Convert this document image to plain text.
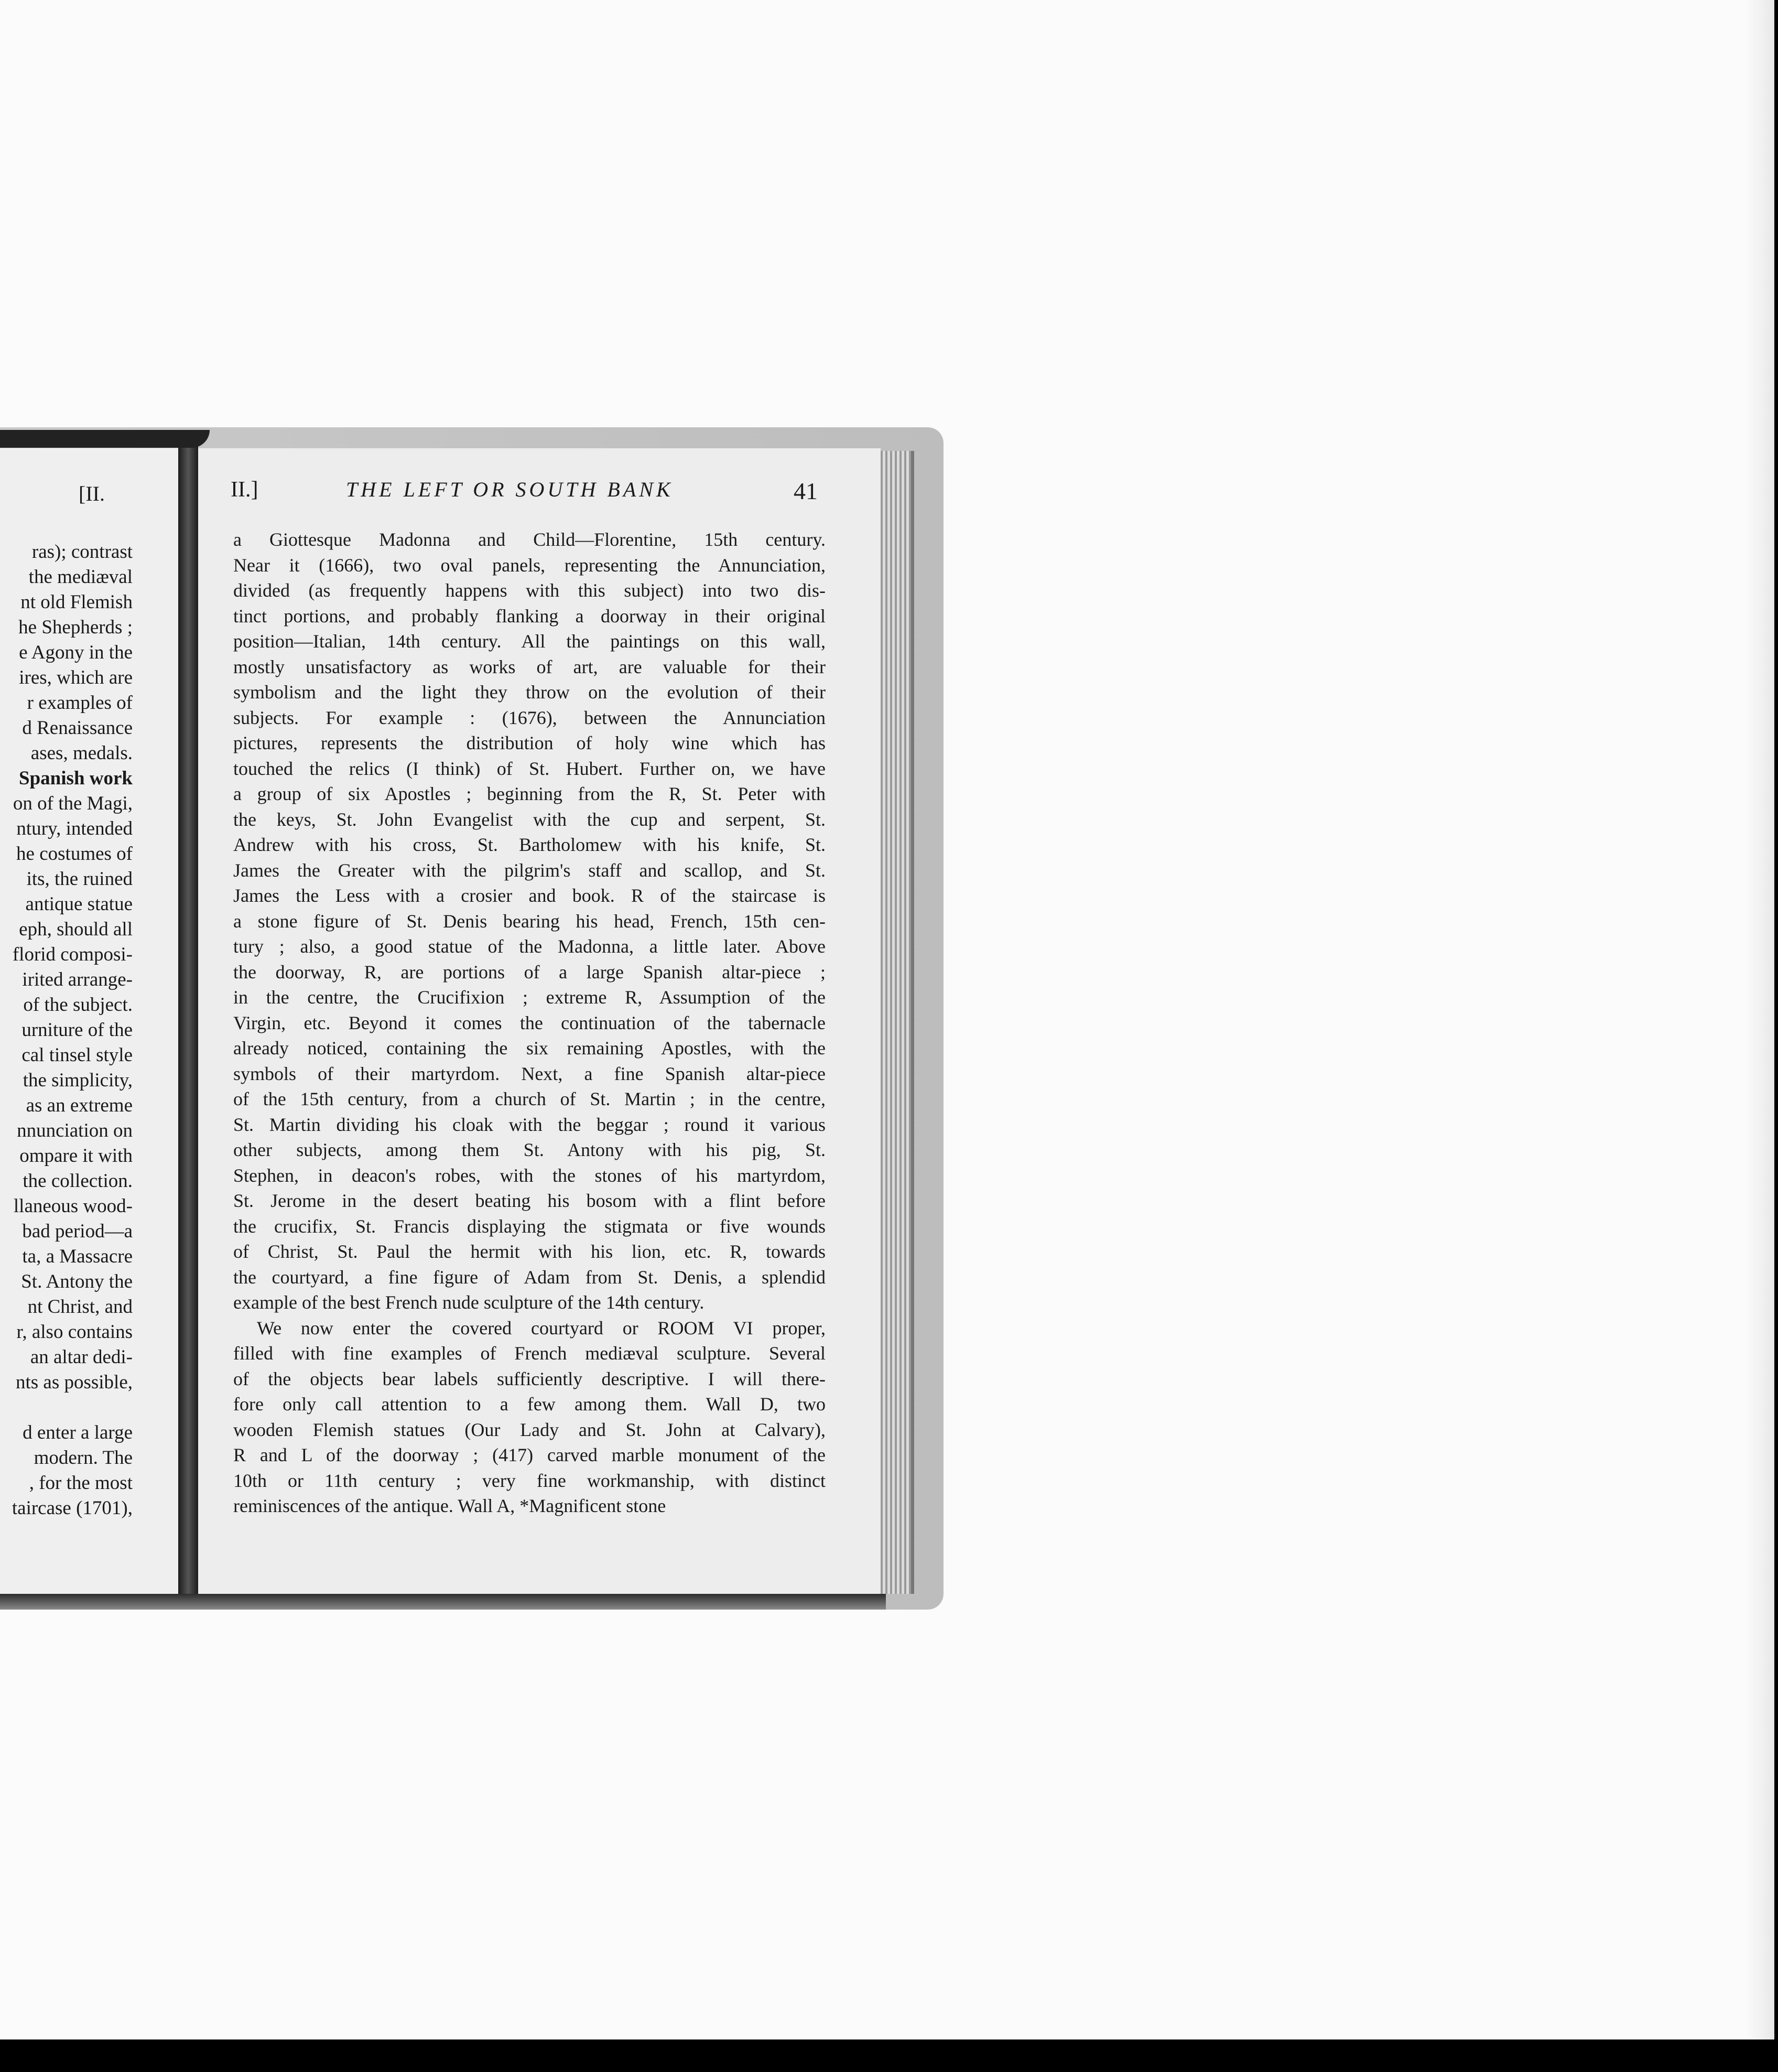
ras); contrast
the mediæval
nt old Flemish
he Shepherds ;
e Agony in the
ires, which are
r examples of
d Renaissance
ases, medals.
Spanish work
on of the Magi,
ntury, intended
he costumes of
its, the ruined
antique statue
eph, should all
florid composi-
irited arrange-
of the subject.
urniture of the
cal tinsel style
the simplicity,
as an extreme
nnunciation on
ompare it with
the collection.
llaneous wood-
bad period—a
ta, a Massacre
St. Antony the
nt Christ, and
r, also contains
an altar dedi-
nts as possible,
d enter a large
modern. The
, for the most
taircase (1701),
[II.	II.]	THE LEFT OR SOUTH BANK	41
a Giottesque Madonna and Child—Florentine, 15th century.
Near it (1666), two oval panels, representing the Annunciation,
divided (as frequently happens with this subject) into two dis-
tinct portions, and probably flanking a doorway in their original
position—Italian, 14th century. All the paintings on this wall,
mostly unsatisfactory as works of art, are valuable for their
symbolism and the light they throw on the evolution of their
subjects. For example : (1676), between the Annunciation
pictures, represents the distribution of holy wine which has
touched the relics (I think) of St. Hubert. Further on, we have
a group of six Apostles ; beginning from the R, St. Peter with
the keys, St. John Evangelist with the cup and serpent, St.
Andrew with his cross, St. Bartholomew with his knife, St.
James the Greater with the pilgrim's staff and scallop, and St.
James the Less with a crosier and book. R of the staircase is
a stone figure of St. Denis bearing his head, French, 15th cen-
tury ; also, a good statue of the Madonna, a little later. Above
the doorway, R, are portions of a large Spanish altar-piece ;
in the centre, the Crucifixion ; extreme R, Assumption of the
Virgin, etc. Beyond it comes the continuation of the tabernacle
already noticed, containing the six remaining Apostles, with the
symbols of their martyrdom. Next, a fine Spanish altar-piece
of the 15th century, from a church of St. Martin ; in the centre,
St. Martin dividing his cloak with the beggar ; round it various
other subjects, among them St. Antony with his pig, St.
Stephen, in deacon's robes, with the stones of his martyrdom,
St. Jerome in the desert beating his bosom with a flint before
the crucifix, St. Francis displaying the stigmata or five wounds
of Christ, St. Paul the hermit with his lion, etc. R, towards
the courtyard, a fine figure of Adam from St. Denis, a splendid
example of the best French nude sculpture of the 14th century.
We now enter the covered courtyard or ROOM VI proper,
filled with fine examples of French mediæval sculpture. Several
of the objects bear labels sufficiently descriptive. I will there-
fore only call attention to a few among them. Wall D, two
wooden Flemish statues (Our Lady and St. John at Calvary),
R and L of the doorway ; (417) carved marble monument of the
10th or 11th century ; very fine workmanship, with distinct
reminiscences of the antique. Wall A, *Magnificent stone
